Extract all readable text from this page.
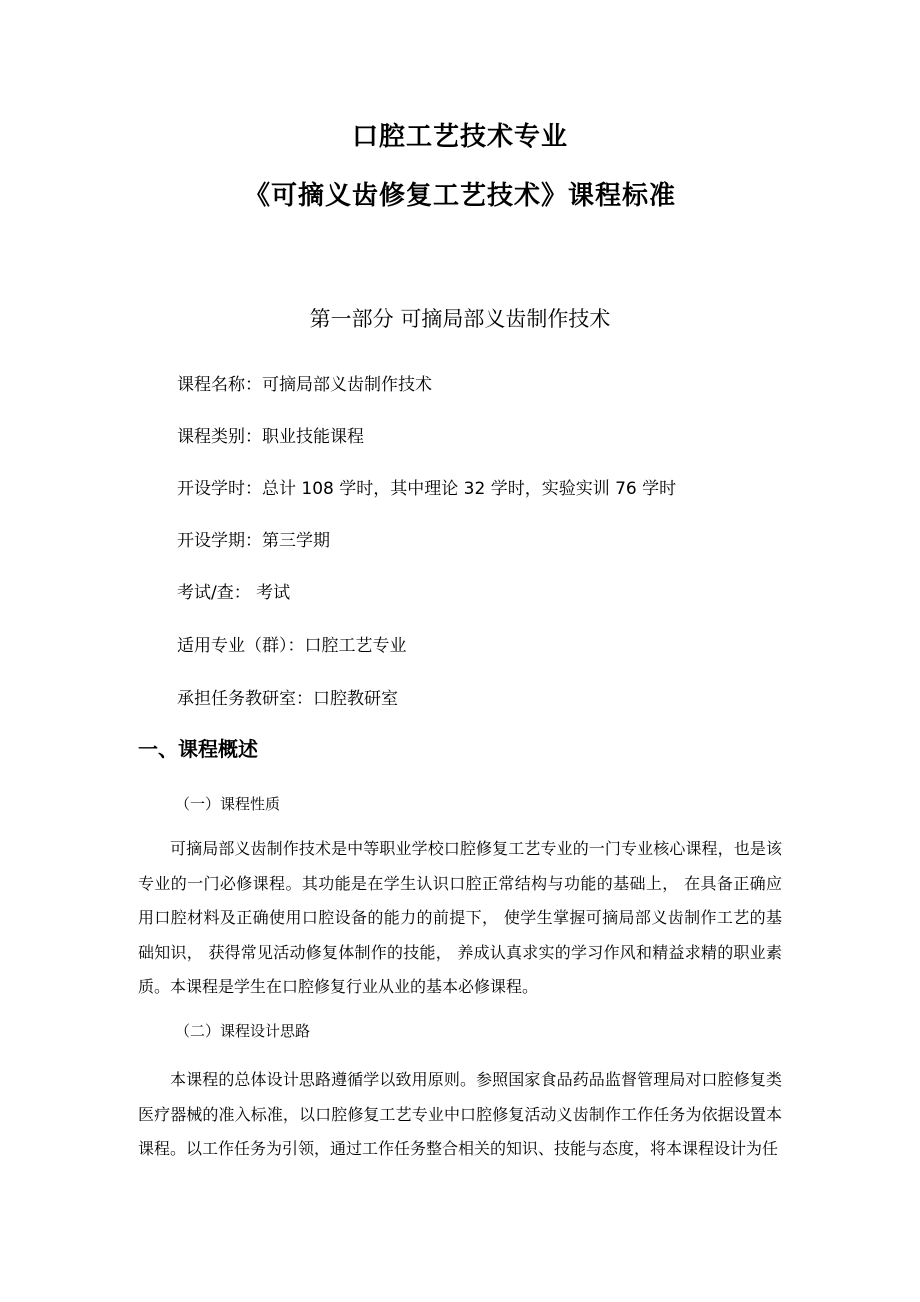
口腔工艺技术专业
《可摘义齿修复工艺技术》课程标准
第一部分 可摘局部义齿制作技术
课程名称：可摘局部义齿制作技术
课程类别：职业技能课程
开设学时：总计 108 学时，其中理论 32 学时，实验实训 76 学时
开设学期：第三学期
考试/查： 考试
适用专业（群）：口腔工艺专业
承担任务教研室：口腔教研室
一、课程概述
（一）课程性质

可摘局部义齿制作技术是中等职业学校口腔修复工艺专业的一门专业核心课程，也是该专业的一门必修课程。其功能是在学生认识口腔正常结构与功能的基础上， 在具备正确应用口腔材料及正确使用口腔设备的能力的前提下， 使学生掌握可摘局部义齿制作工艺的基础知识， 获得常见活动修复体制作的技能， 养成认真求实的学习作风和精益求精的职业素质。本课程是学生在口腔修复行业从业的基本必修课程。

（二）课程设计思路

本课程的总体设计思路遵循学以致用原则。参照国家食品药品监督管理局对口腔修复类医疗器械的准入标准，以口腔修复工艺专业中口腔修复活动义齿制作工作任务为依据设置本课程。以工作任务为引领，通过工作任务整合相关的知识、技能与态度，将本课程设计为任
